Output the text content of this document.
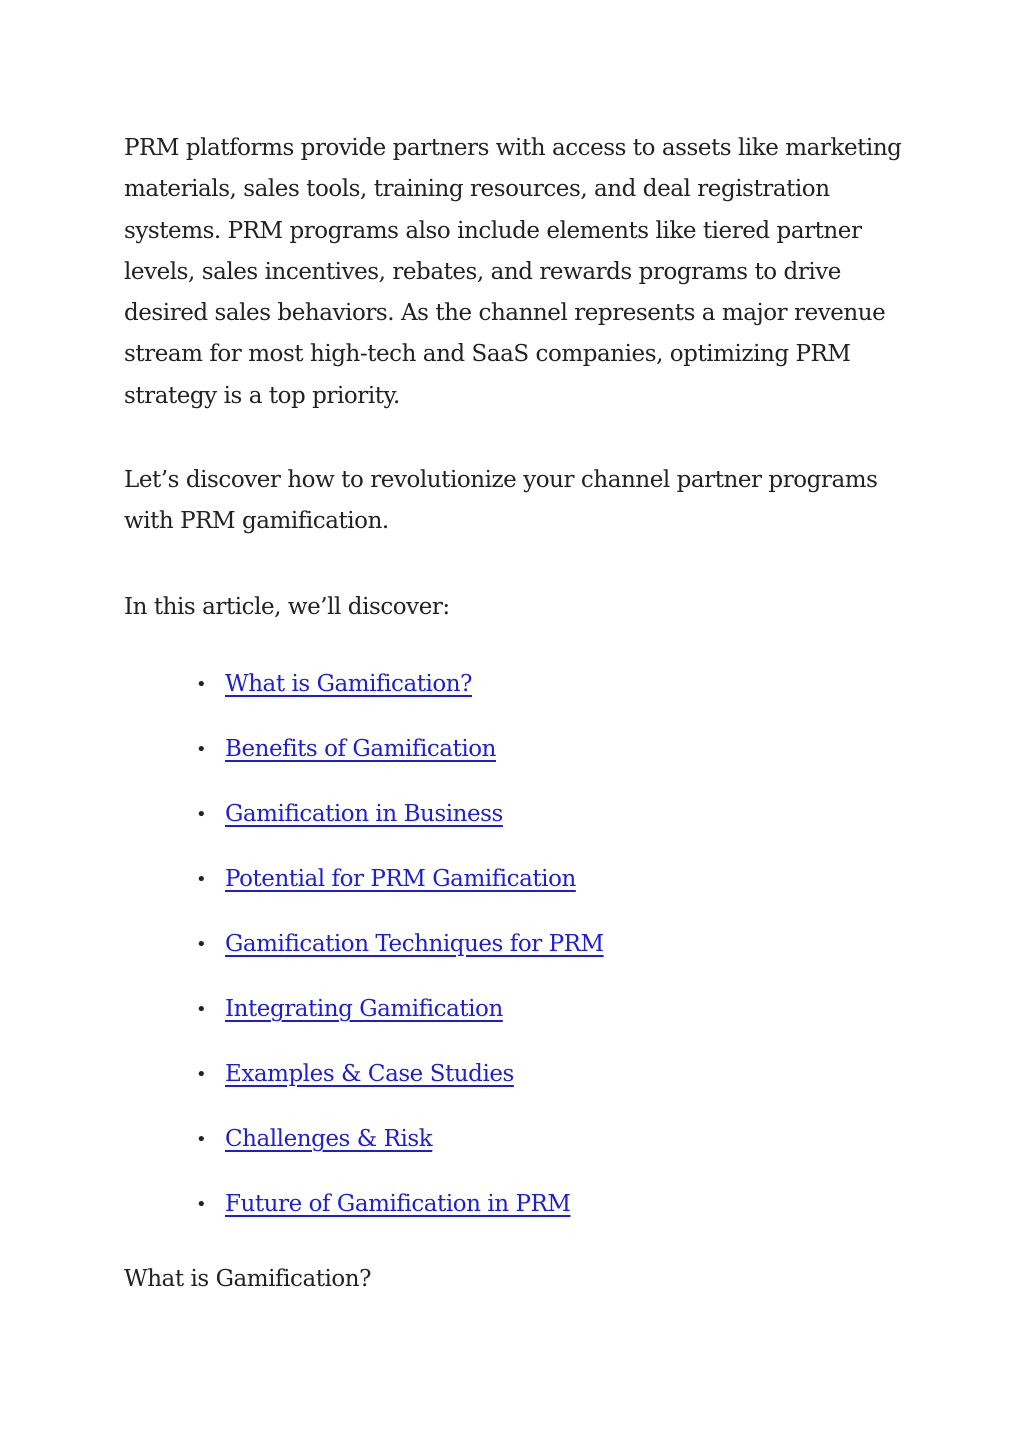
PRM platforms provide partners with access to assets like marketing materials, sales tools, training resources, and deal registration systems. PRM programs also include elements like tiered partner levels, sales incentives, rebates, and rewards programs to drive desired sales behaviors. As the channel represents a major revenue stream for most high-tech and SaaS companies, optimizing PRM strategy is a top priority.

Let’s discover how to revolutionize your channel partner programs with PRM gamification.

In this article, we’ll discover:

• What is Gamification?
• Benefits of Gamification
• Gamification in Business
• Potential for PRM Gamification
• Gamification Techniques for PRM
• Integrating Gamification
• Examples & Case Studies
• Challenges & Risk
• Future of Gamification in PRM
What is Gamification?
